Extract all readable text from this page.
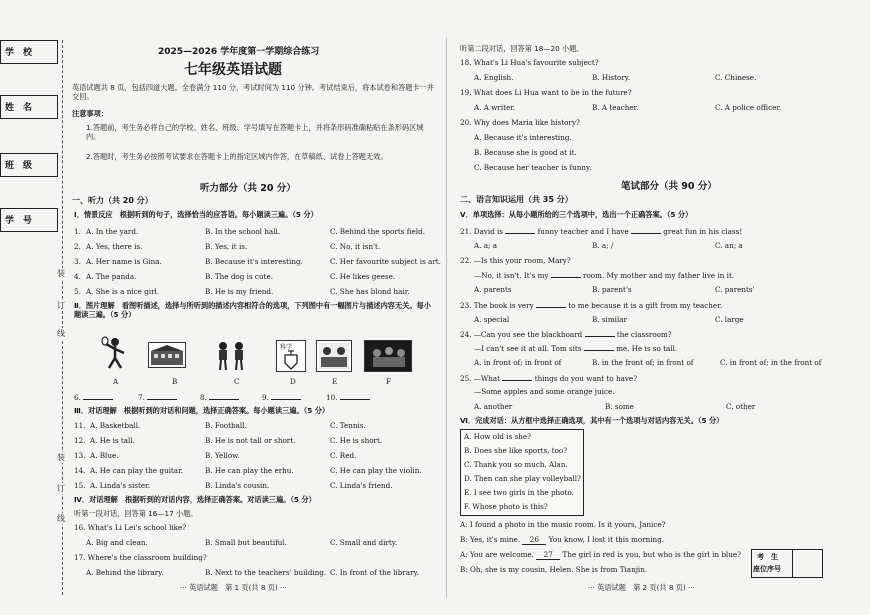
学　校
姓　名
班　级
学　号
装
订
线
装
订
线
2025—2026 学年度第一学期综合练习
七年级英语试题
英语试题共 8 页，包括四道大题。全卷满分 110 分，考试时间为 110 分钟。考试结束后，将本试卷和答题卡一并交回。
注意事项：
1.答题前，考生务必将自己的学校、姓名、班级、学号填写在答题卡上，并将条形码准确粘贴在条形码区域内。
2.答题时，考生务必按照考试要求在答题卡上的指定区域内作答，在草稿纸、试卷上答题无效。
听力部分（共 20 分）
一、听力（共 20 分）
Ⅰ．情景反应　根据听到的句子，选择恰当的应答语。每小题读三遍。（5 分）
1. A. In the yard.	B. In the school hall.	C. Behind the sports field.
2. A. Yes, there is.	B. Yes, it is.	C. No, it isn't.
3. A. Her name is Gina.	B. Because it's interesting.	C. Her favourite subject is art.
4. A. The panda.	B. The dog is cute.	C. He likes geese.
5. A. She is a nice girl.	B. He is my friend.	C. She has blond hair.
Ⅱ．图片理解　看图听描述，选择与所听到的描述内容相符合的选项，下列图中有一幅图片与描述内容无关。每小题读三遍。（5 分）
科学
A	B	C	D	E	F
6.	7.	8.	9.	10.
Ⅲ．对话理解　根据听到的对话和问题，选择正确答案。每小题读三遍。（5 分）
11. A. Basketball.	B. Football.	C. Tennis.
12. A. He is tall.	B. He is not tall or short.	C. He is short.
13. A. Blue.	B. Yellow.	C. Red.
14. A. He can play the guitar.	B. He can play the erhu.	C. He can play the violin.
15. A. Linda's sister.	B. Linda's cousin.	C. Linda's friend.
Ⅳ．对话理解　根据听到的对话内容，选择正确答案。对话读三遍。（5 分）
听第一段对话，回答第 16—17 小题。
16. What's Li Lei's school like?
A. Big and clean.	B. Small but beautiful.	C. Small and dirty.
17. Where's the classroom building?
A. Behind the library.	B. Next to the teachers' building. C. In front of the library.
··· 英语试题　第 1 页(共 8 页) ···
听第二段对话，回答第 18—20 小题。
18. What's Li Hua's favourite subject?
A. English.	B. History.	C. Chinese.
19. What does Li Hua want to be in the future?
A. A writer.	B. A teacher.	C. A police officer.
20. Why does Maria like history?
A. Because it's interesting.
B. Because she is good at it.
C. Because her teacher is funny.
笔试部分（共 90 分）
二、语言知识运用（共 35 分）
Ⅴ．单项选择：从每小题所给的三个选项中，选出一个正确答案。（5 分）
21. David is	funny teacher and I have	great fun in his class!
A. a; a	B. a; /	C. an; a
22. —Is this your room, Mary?
—No, it isn't. It's my	room. My mother and my father live in it.
A. parents	B. parent's	C. parents'
23. The book is very	to me because it is a gift from my teacher.
A. special	B. similar	C. large
24. —Can you see the blackboard	the classroom?
—I can't see it at all. Tom sits	me. He is so tall.
A. in front of; in front of	B. in the front of; in front of	C. in front of; in the front of
25. —What	things do you want to have?
—Some apples and some orange juice.
A. another	B. some	C. other
Ⅵ．完成对话：从方框中选择正确选项，其中有一个选项与对话内容无关。（5 分）
A. How old is she?
B. Does she like sports, too?
C. Thank you so much, Alan.
D. Then can she play volleyball?
E. I see two girls in the photo.
F. Whose photo is this?
A: I found a photo in the music room. Is it yours, Janice?
B: Yes, it's mine. 26 You know, I lost it this morning.
A: You are welcome. 27 The girl in red is you, but who is the girl in blue?
B: Oh, she is my cousin, Helen. She is from Tianjin.
考　生
座位序号
··· 英语试题　第 2 页(共 8 页) ···
